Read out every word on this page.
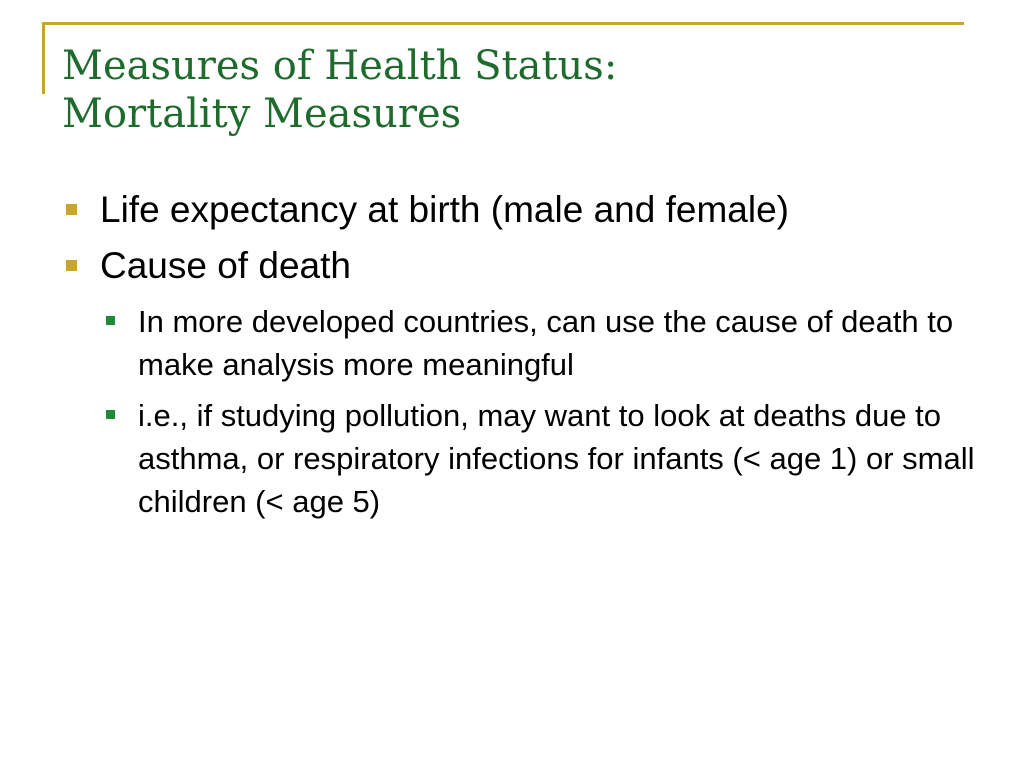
Measures of Health Status:
Mortality Measures
Life expectancy at birth (male and female)
Cause of death
In more developed countries, can use the cause of death to make analysis more meaningful
i.e., if studying pollution, may want to look at deaths due to asthma, or respiratory infections for infants (< age 1) or small children (< age 5)
